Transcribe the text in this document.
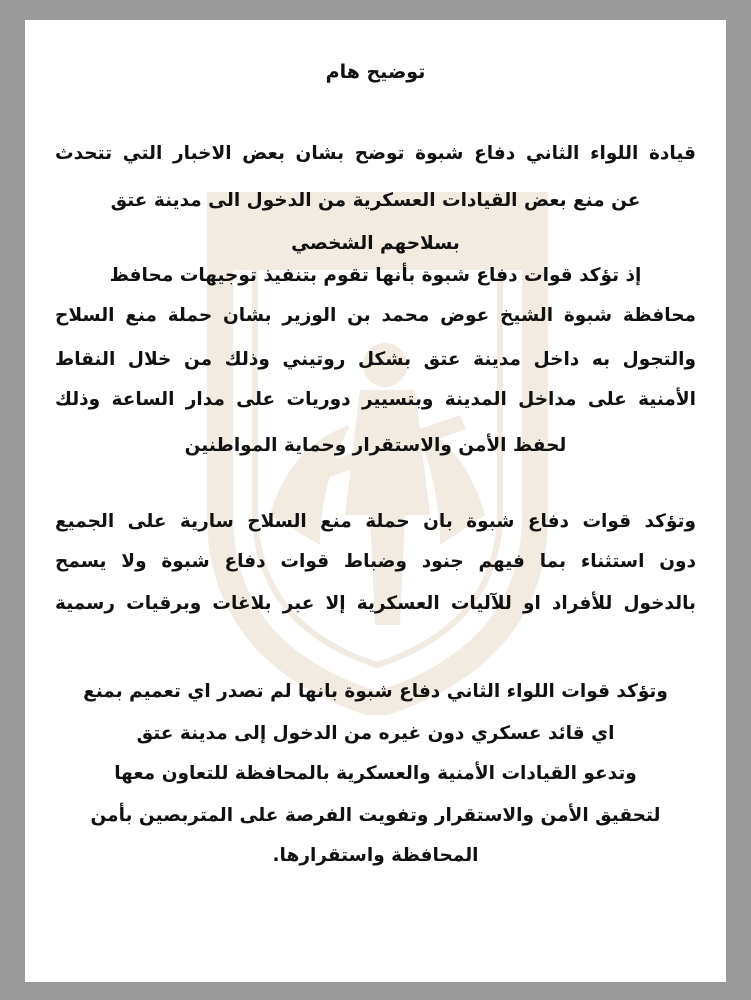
توضيح هام
قيادة اللواء الثاني دفاع شبوة توضح بشان بعض الاخبار التي تتحدث
عن منع بعض القيادات العسكرية من الدخول الى مدينة عتق
بسلاحهم الشخصي
إذ تؤكد قوات دفاع شبوة بأنها تقوم بتنفيذ توجيهات محافظ
محافظة شبوة الشيخ عوض محمد بن الوزير بشان حملة منع السلاح
والتجول به داخل مدينة عتق بشكل روتيني وذلك من خلال النقاط
الأمنية على مداخل المدينة وبتسيير دوريات على مدار الساعة وذلك
لحفظ الأمن والاستقرار وحماية المواطنين
وتؤكد قوات دفاع شبوة بان حملة منع السلاح سارية على الجميع
دون استثناء بما فيهم جنود وضباط قوات دفاع شبوة ولا يسمح
بالدخول للأفراد او للآليات العسكرية إلا عبر بلاغات وبرقيات رسمية
وتؤكد قوات اللواء الثاني دفاع شبوة بانها لم تصدر اي تعميم بمنع
اي قائد عسكري دون غيره من الدخول إلى مدينة عتق
وتدعو القيادات الأمنية والعسكرية بالمحافظة للتعاون معها
لتحقيق الأمن والاستقرار وتفويت الفرصة على المتربصين بأمن
المحافظة واستقرارها.
